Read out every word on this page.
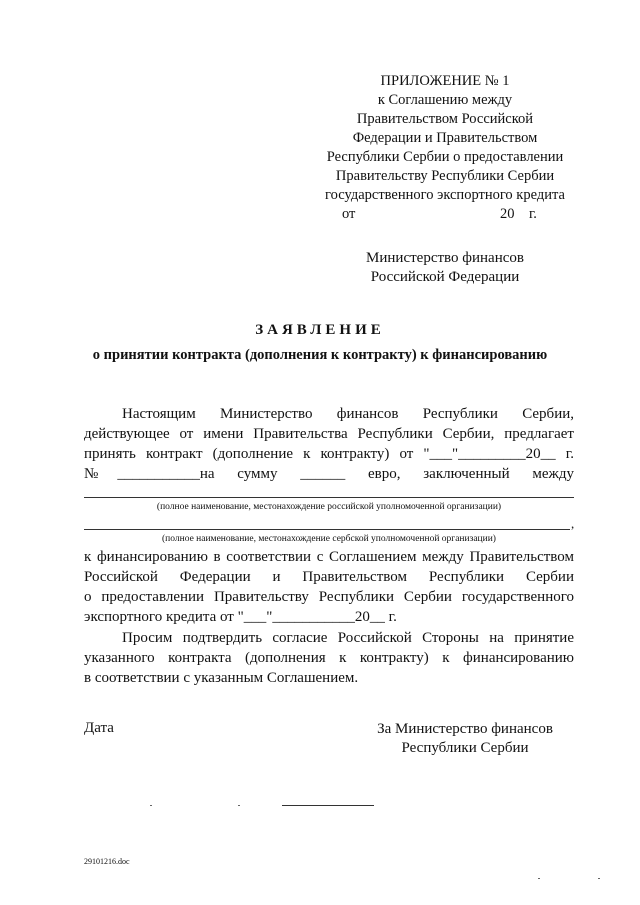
ПРИЛОЖЕНИЕ № 1
к Соглашению между
Правительством Российской
Федерации и Правительством
Республики Сербии о предоставлении
Правительству Республики Сербии
государственного экспортного кредита
от	20    г.
Министерство финансов
Российской Федерации
ЗАЯВЛЕНИЕ
о принятии контракта (дополнения к контракту) к финансированию
Настоящим Министерство финансов Республики Сербии,
действующее от имени Правительства Республики Сербии, предлагает
принять контракт (дополнение к контракту) от "___"_________20__ г.
№___________на сумму ______ евро, заключенный между
(полное наименование, местонахождение российской уполномоченной организации)
,
(полное наименование, местонахождение сербской уполномоченной организации)
к финансированию в соответствии с Соглашением между Правительством
Российской Федерации и Правительством Республики Сербии
о предоставлении Правительству Республики Сербии государственного
экспортного кредита от "___"___________20__ г.
Просим подтвердить согласие Российской Стороны на принятие
указанного контракта (дополнения к контракту) к финансированию
в соответствии с указанным Соглашением.
Дата	За Министерство финансов
Республики Сербии
29101216.doc
